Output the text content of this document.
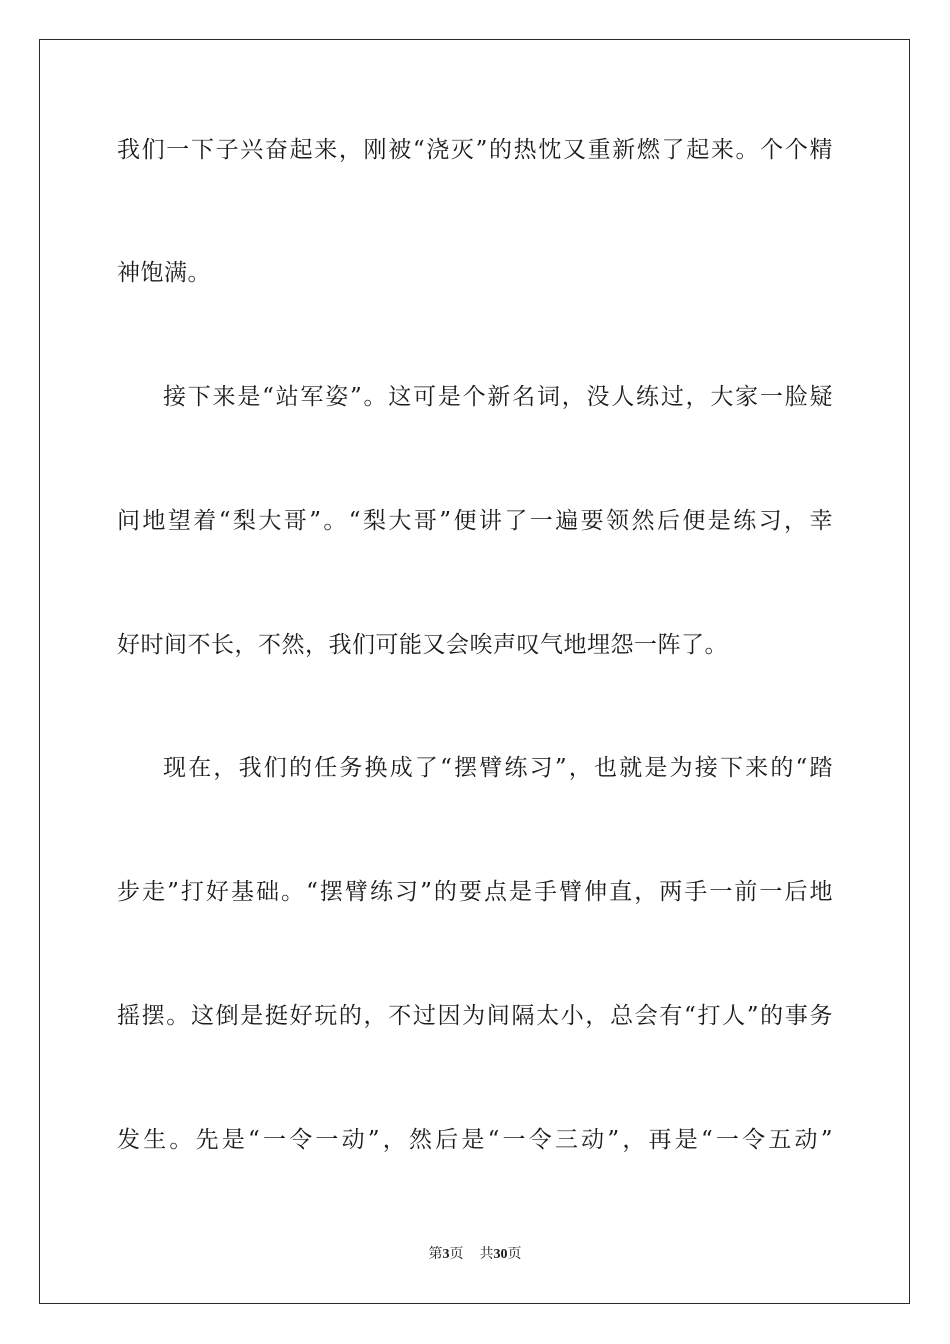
我们一下子兴奋起来，刚被“浇灭”的热忱又重新燃了起来。个个精
神饱满。
接下来是“站军姿”。这可是个新名词，没人练过，大家一脸疑
问地望着“梨大哥”。“梨大哥”便讲了一遍要领然后便是练习，幸
好时间不长，不然，我们可能又会唉声叹气地埋怨一阵了。
现在，我们的任务换成了“摆臂练习”，也就是为接下来的“踏
步走”打好基础。“摆臂练习”的要点是手臂伸直，两手一前一后地
摇摆。这倒是挺好玩的，不过因为间隔太小，总会有“打人”的事务
发生。先是“一令一动”，然后是“一令三动”，再是“一令五动”
第3页 共30页
